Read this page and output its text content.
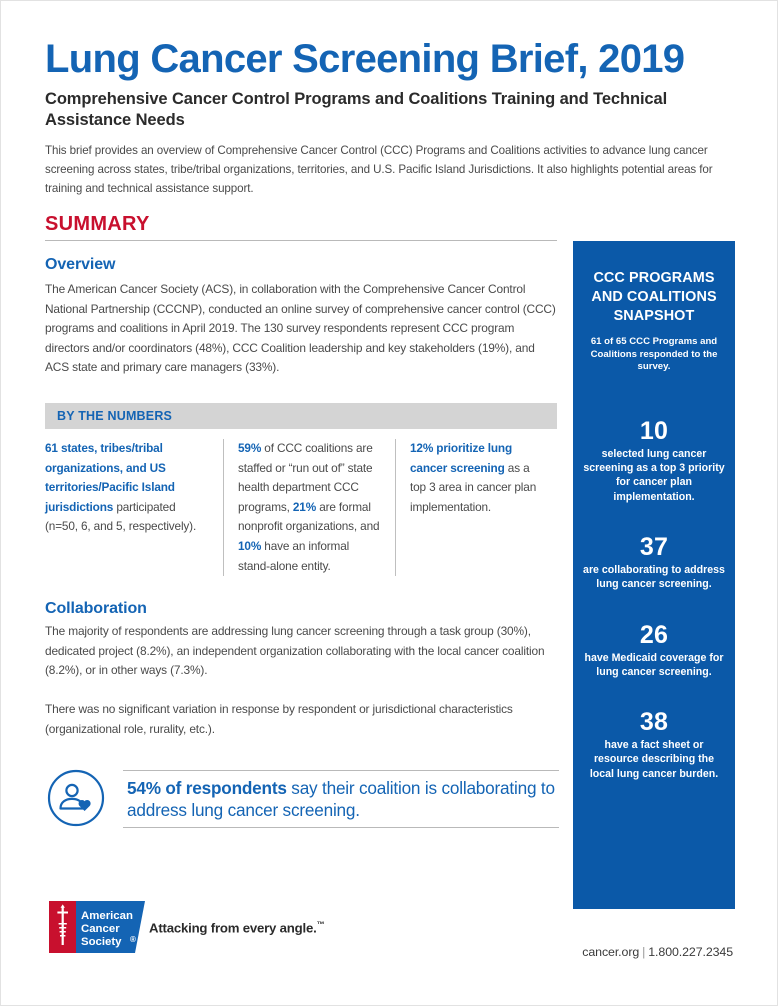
Lung Cancer Screening Brief, 2019
Comprehensive Cancer Control Programs and Coalitions Training and Technical Assistance Needs
This brief provides an overview of Comprehensive Cancer Control (CCC) Programs and Coalitions activities to advance lung cancer screening across states, tribe/tribal organizations, territories, and U.S. Pacific Island Jurisdictions. It also highlights potential areas for training and technical assistance support.
SUMMARY
Overview
The American Cancer Society (ACS), in collaboration with the Comprehensive Cancer Control National Partnership (CCCNP), conducted an online survey of comprehensive cancer control (CCC) programs and coalitions in April 2019. The 130 survey respondents represent CCC program directors and/or coordinators (48%), CCC Coalition leadership and key stakeholders (19%), and ACS state and primary care managers (33%).
BY THE NUMBERS
61 states, tribes/tribal organizations, and US territories/Pacific Island jurisdictions participated (n=50, 6, and 5, respectively).
59% of CCC coalitions are staffed or “run out of” state health department CCC programs, 21% are formal nonprofit organizations, and 10% have an informal stand-alone entity.
12% prioritize lung cancer screening as a top 3 area in cancer plan implementation.
Collaboration
The majority of respondents are addressing lung cancer screening through a task group (30%), dedicated project (8.2%), an independent organization collaborating with the local cancer coalition (8.2%), or in other ways (7.3%).
There was no significant variation in response by respondent or jurisdictional characteristics (organizational role, rurality, etc.).
54% of respondents say their coalition is collaborating to address lung cancer screening.
CCC PROGRAMS AND COALITIONS SNAPSHOT
61 of 65 CCC Programs and Coalitions responded to the survey.
10
selected lung cancer screening as a top 3 priority for cancer plan implementation.
37
are collaborating to address lung cancer screening.
26
have Medicaid coverage for lung cancer screening.
38
have a fact sheet or resource describing the local lung cancer burden.
American
Cancer
Society ®
Attacking from every angle.™
cancer.org | 1.800.227.2345
